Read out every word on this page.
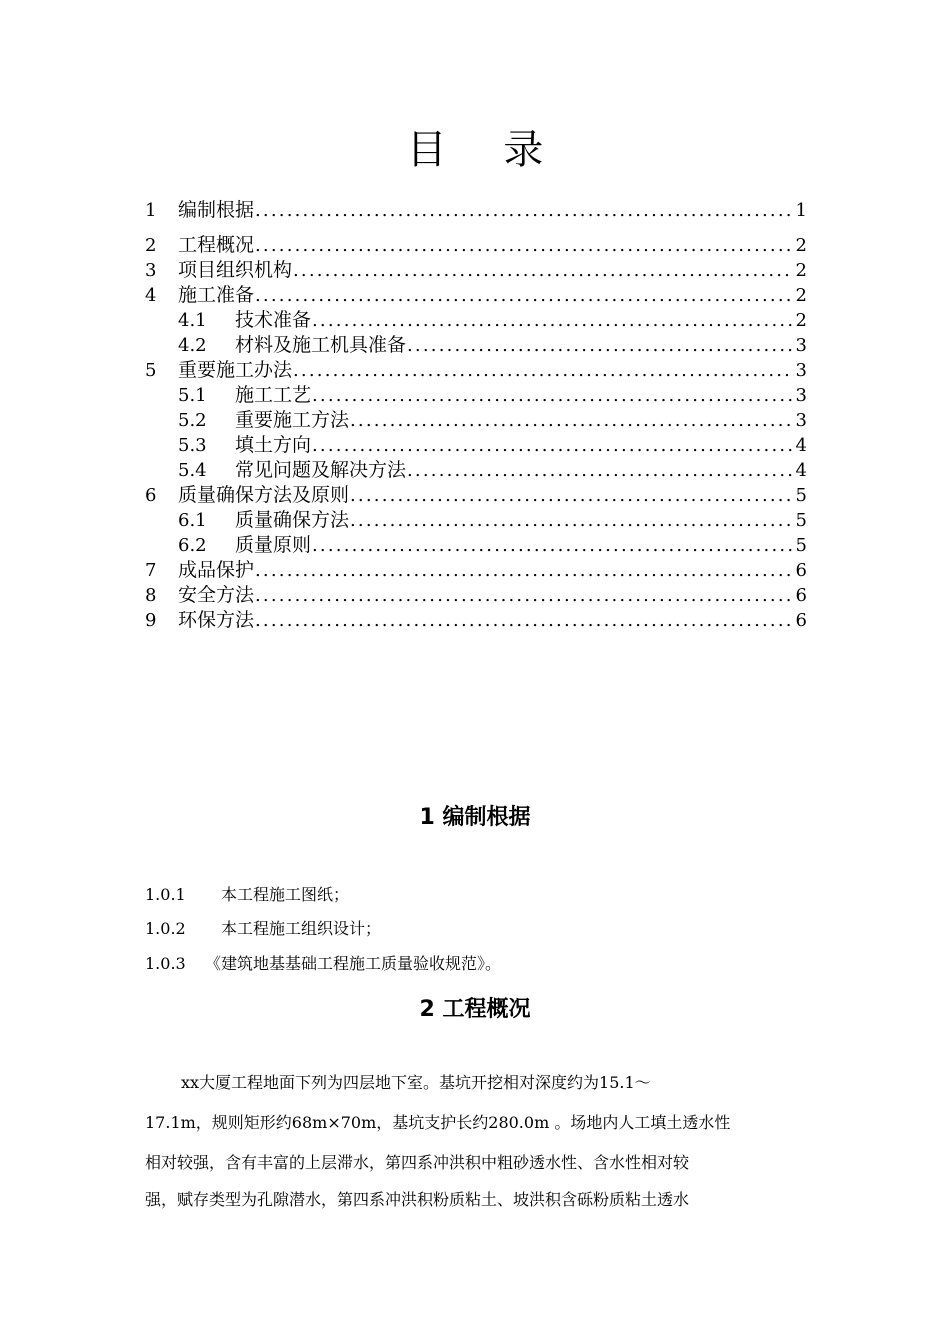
目 录
1	编制根据 .....	1
2	工程概况 .....	2
3	项目组织机构 .....	2
4	施工准备 .....	2
4.1	技术准备 .....	2
4.2	材料及施工机具准备 .....	3
5	重要施工办法 .....	3
5.1	施工工艺 .....	3
5.2	重要施工方法 .....	3
5.3	填土方向 .....	4
5.4	常见问题及解决方法 .....	4
6	质量确保方法及原则 .....	5
6.1	质量确保方法 .....	5
6.2	质量原则 .....	5
7	成品保护 .....	6
8	安全方法 .....	6
9	环保方法 .....	6
1 编制根据
1.0.1 本工程施工图纸；
1.0.2 本工程施工组织设计；
1.0.3 《建筑地基基础工程施工质量验收规范》。
2 工程概况
xx大厦工程地面下列为四层地下室。基坑开挖相对深度约为15.1～
17.1m，规则矩形约68m×70m，基坑支护长约280.0m 。场地内人工填土透水性
相对较强，含有丰富的上层滞水，第四系冲洪积中粗砂透水性、含水性相对较
强，赋存类型为孔隙潜水，第四系冲洪积粉质粘土、坡洪积含砾粉质粘土透水
